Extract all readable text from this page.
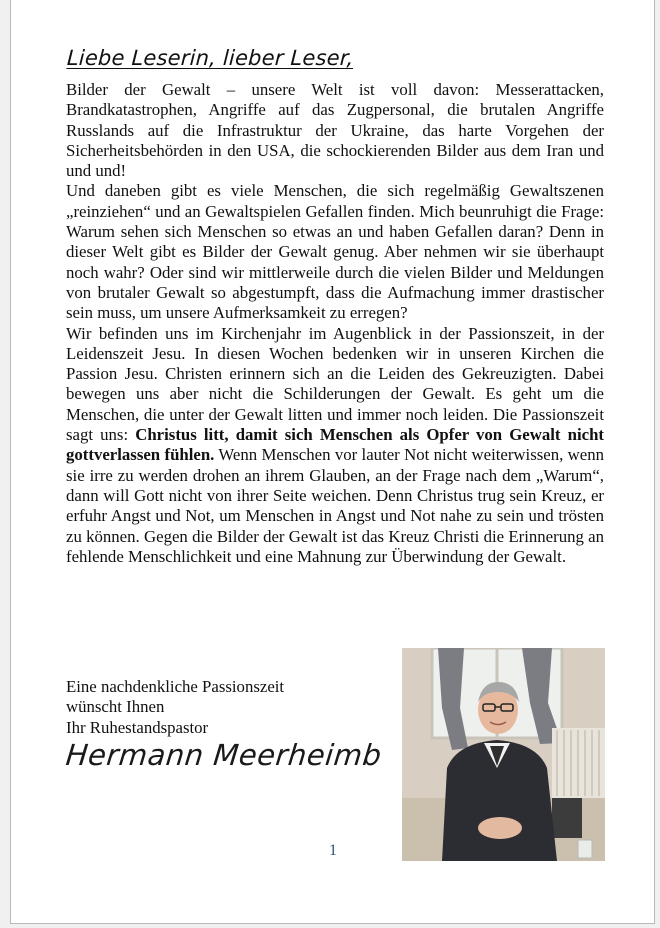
Liebe Leserin, lieber Leser,

Bilder der Gewalt – unsere Welt ist voll davon: Messerattacken, Brandkatastrophen, Angriffe auf das Zugpersonal, die brutalen Angriffe Russlands auf die Infrastruktur der Ukraine, das harte Vorgehen der Sicherheitsbehörden in den USA, die schockierenden Bilder aus dem Iran und und und!

Und daneben gibt es viele Menschen, die sich regelmäßig Gewaltszenen „reinziehen“ und an Gewaltspielen Gefallen finden. Mich beunruhigt die Frage: Warum sehen sich Menschen so etwas an und haben Gefallen daran? Denn in dieser Welt gibt es Bilder der Gewalt genug. Aber nehmen wir sie überhaupt noch wahr? Oder sind wir mittlerweile durch die vielen Bilder und Meldungen von brutaler Gewalt so abgestumpft, dass die Aufmachung immer drastischer sein muss, um unsere Aufmerksamkeit zu erregen?

Wir befinden uns im Kirchenjahr im Augenblick in der Passionszeit, in der Leidenszeit Jesu. In diesen Wochen bedenken wir in unseren Kirchen die Passion Jesu. Christen erinnern sich an die Leiden des Gekreuzigten. Dabei bewegen uns aber nicht die Schilderungen der Gewalt. Es geht um die Menschen, die unter der Gewalt litten und immer noch leiden. Die Passionszeit sagt uns: Christus litt, damit sich Menschen als Opfer von Gewalt nicht gottverlassen fühlen. Wenn Menschen vor lauter Not nicht weiterwissen, wenn sie irre zu werden drohen an ihrem Glauben, an der Frage nach dem „Warum“, dann will Gott nicht von ihrer Seite weichen. Denn Christus trug sein Kreuz, er erfuhr Angst und Not, um Menschen in Angst und Not nahe zu sein und trösten zu können. Gegen die Bilder der Gewalt ist das Kreuz Christi die Erinnerung an fehlende Menschlichkeit und eine Mahnung zur Überwindung der Gewalt.

Eine nachdenkliche Passionszeit
wünscht Ihnen
Ihr Ruhestandspastor
Hermann Meerheimb
1
